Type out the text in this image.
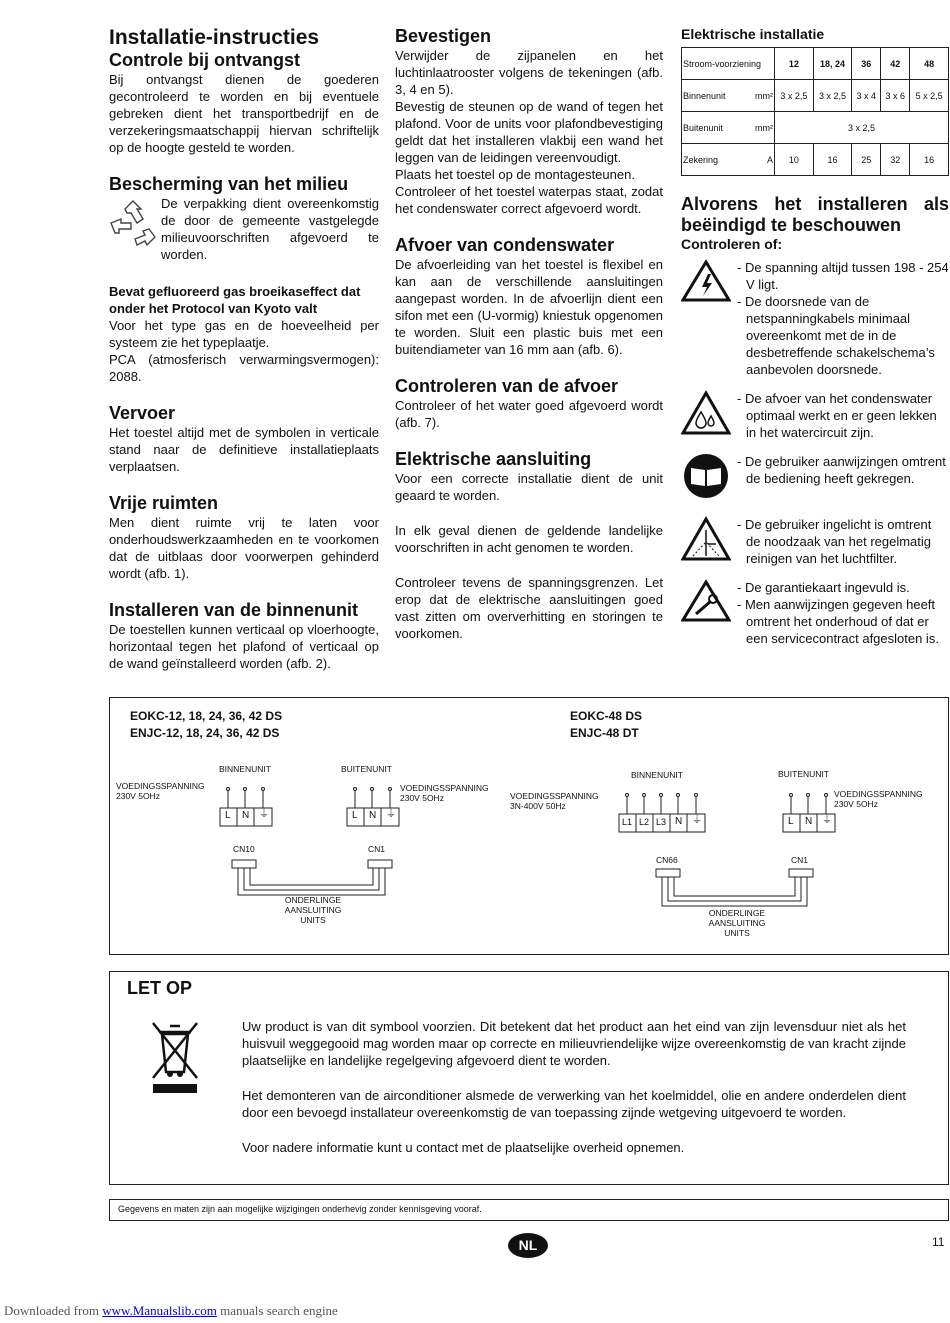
Installatie-instructies
Controle bij ontvangst

Bij ontvangst dienen de goederen gecontroleerd te worden en bij eventuele gebreken dient het transportbedrijf en de verzekeringsmaatschappij hiervan schriftelijk op de hoogte gesteld te worden.

Bescherming van het milieu

De verpakking dient overeenkomstig de door de gemeente vastgelegde milieuvoorschriften afgevoerd te worden.

Bevat gefluoreerd gas broeikaseffect dat onder het Protocol van Kyoto valt

Voor het type gas en de hoeveelheid per systeem zie het typeplaatje.

PCA (atmosferisch verwarmingsvermogen): 2088.

Vervoer

Het toestel altijd met de symbolen in verticale stand naar de definitieve installatieplaats verplaatsen.

Vrije ruimten

Men dient ruimte vrij te laten voor onderhoudswerkzaamheden en te voorkomen dat de uitblaas door voorwerpen gehinderd wordt (afb. 1).

Installeren van de binnenunit

De toestellen kunnen verticaal op vloerhoogte, horizontaal tegen het plafond of verticaal op de wand geïnstalleerd worden (afb. 2).

Bevestigen

Verwijder de zijpanelen en het luchtinlaatrooster volgens de tekeningen (afb. 3, 4 en 5).

Bevestig de steunen op de wand of tegen het plafond. Voor de units voor plafondbevestiging geldt dat het installeren vlakbij een wand het leggen van de leidingen vereenvoudigt.

Plaats het toestel op de montagesteunen.

Controleer of het toestel waterpas staat, zodat het condenswater correct afgevoerd wordt.

Afvoer van condenswater

De afvoerleiding van het toestel is flexibel en kan aan de verschillende aansluitingen aangepast worden. In de afvoerlijn dient een sifon met een (U-vormig) kniestuk opgenomen te worden. Sluit een plastic buis met een buitendiameter van 16 mm aan (afb. 6).

Controleren van de afvoer

Controleer of het water goed afgevoerd wordt (afb. 7).

Elektrische aansluiting

Voor een correcte installatie dient de unit geaard te worden.

In elk geval dienen de geldende landelijke voorschriften in acht genomen te worden.

Controleer tevens de spanningsgrenzen. Let erop dat de elektrische aansluitingen goed vast zitten om oververhitting en storingen te voorkomen.

Elektrische installatie
Stroom-voorziening		12	18, 24	36	42	48
Binnenunit	mm²	3 x 2,5	3 x 2,5	3 x 4	3 x 6	5 x 2,5
Buitenunit	mm²	3 x 2,5				
Zekering	A	10	16	25	32	16
Alvorens het installeren als beëindigd te beschouwen
Controleren of:
- De spanning altijd tussen 198 - 254 V ligt.
- De doorsnede van de netspanningkabels minimaal overeenkomt met de in de desbetreffende schakelschema’s aanbevolen doorsnede.
- De afvoer van het condenswater optimaal werkt en er geen lekken in het watercircuit zijn.
- De gebruiker aanwijzingen omtrent de bediening heeft gekregen.
- De gebruiker ingelicht is omtrent de noodzaak van het regelmatig reinigen van het luchtfilter.
- De garantiekaart ingevuld is.
- Men aanwijzingen gegeven heeft omtrent het onderhoud of dat er een servicecontract afgesloten is.
EOKC-12, 18, 24, 36, 42 DS
ENJC-12, 18, 24, 36, 42 DS
EOKC-48 DS
ENJC-48 DT
BINNENUNIT	BUITENUNIT
VOEDINGSSPANNING
230V 5OHz
VOEDINGSSPANNING
230V 5OHz
L N ⏚	L N ⏚
CN10	CN1
ONDERLINGE
AANSLUITING
UNITS
BINNENUNIT	BUITENUNIT
VOEDINGSSPANNING
3N-400V 50Hz
VOEDINGSSPANNING
230V 5OHz
L1 L2 L3 N ⏚	L N ⏚
CN66	CN1
ONDERLINGE
AANSLUITING
UNITS
LET OP

Uw product is van dit symbool voorzien. Dit betekent dat het product aan het eind van zijn levensduur niet als het huisvuil weggegooid mag worden maar op correcte en milieuvriendelijke wijze overeenkomstig de van kracht zijnde plaatselijke en landelijke regelgeving afgevoerd dient te worden.

Het demonteren van de airconditioner alsmede de verwerking van het koelmiddel, olie en andere onderdelen dient door een bevoegd installateur overeenkomstig de van toepassing zijnde wetgeving uitgevoerd te worden.

Voor nadere informatie kunt u contact met de plaatselijke overheid opnemen.

Gegevens en maten zijn aan mogelijke wijzigingen onderhevig zonder kennisgeving vooraf.
NL	11
Downloaded from www.Manualslib.com manuals search engine
